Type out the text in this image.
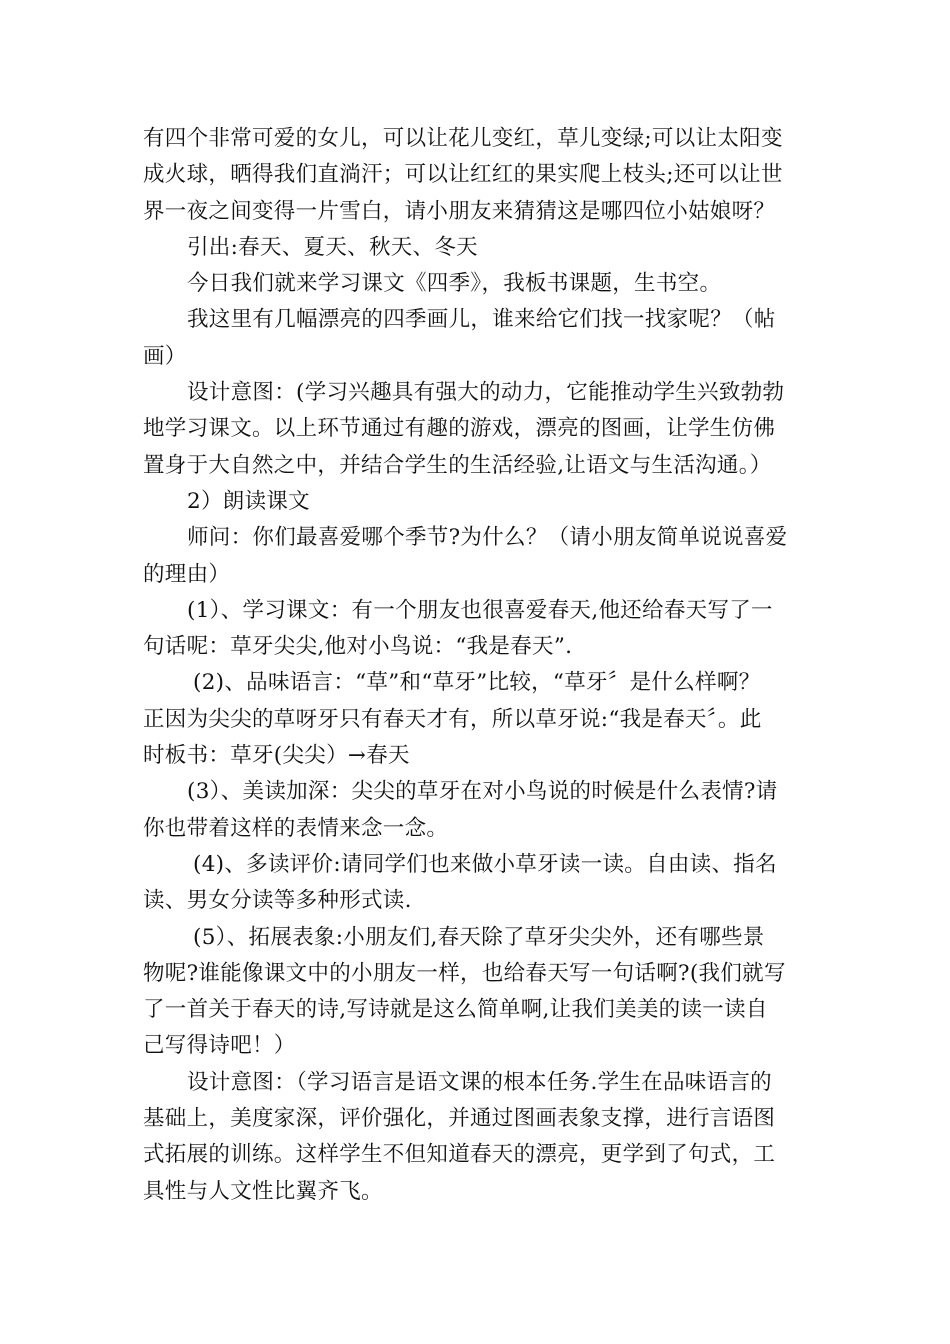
有四个非常可爱的女儿，可以让花儿变红，草儿变绿;可以让太阳变
成火球，晒得我们直淌汗；可以让红红的果实爬上枝头;还可以让世
界一夜之间变得一片雪白，请小朋友来猜猜这是哪四位小姑娘呀？
引出:春天、夏天、秋天、冬天
今日我们就来学习课文《四季》，我板书课题，生书空。
我这里有几幅漂亮的四季画儿，谁来给它们找一找家呢？（帖
画）
设计意图：(学习兴趣具有强大的动力，它能推动学生兴致勃勃
地学习课文。以上环节通过有趣的游戏，漂亮的图画，让学生仿佛
置身于大自然之中，并结合学生的生活经验,让语文与生活沟通。）
2）朗读课文
师问：你们最喜爱哪个季节?为什么？（请小朋友简单说说喜爱
的理由）
(1）、学习课文：有一个朋友也很喜爱春天,他还给春天写了一
句话呢：草牙尖尖,他对小鸟说：“我是春天”.
(2)、品味语言：“草”和“草牙”比较，“草牙〞是什么样啊？
正因为尖尖的草呀牙只有春天才有，所以草牙说:“我是春天〞。此
时板书：草牙(尖尖）→春天
(3）、美读加深：尖尖的草牙在对小鸟说的时候是什么表情?请
你也带着这样的表情来念一念。
(4)、多读评价:请同学们也来做小草牙读一读。自由读、指名
读、男女分读等多种形式读.
(5）、拓展表象:小朋友们,春天除了草牙尖尖外，还有哪些景
物呢?谁能像课文中的小朋友一样，也给春天写一句话啊?(我们就写
了一首关于春天的诗,写诗就是这么简单啊,让我们美美的读一读自
己写得诗吧！）
设计意图：（学习语言是语文课的根本任务.学生在品味语言的
基础上，美度家深，评价强化，并通过图画表象支撑，进行言语图
式拓展的训练。这样学生不但知道春天的漂亮，更学到了句式，工
具性与人文性比翼齐飞。
